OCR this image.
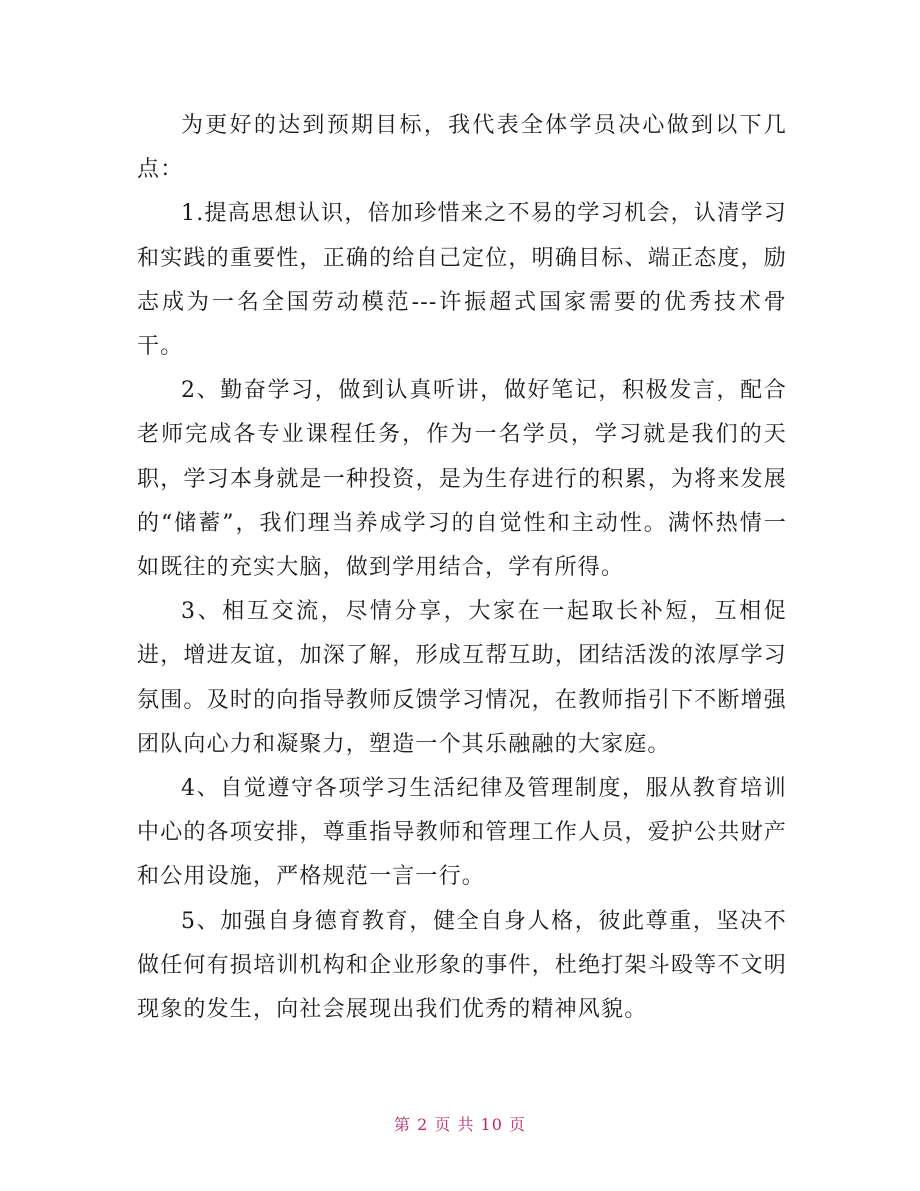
为更好的达到预期目标，我代表全体学员决心做到以下几点：

1.提高思想认识，倍加珍惜来之不易的学习机会，认清学习和实践的重要性，正确的给自己定位，明确目标、端正态度，励志成为一名全国劳动模范---许振超式国家需要的优秀技术骨干。

2、勤奋学习，做到认真听讲，做好笔记，积极发言，配合老师完成各专业课程任务，作为一名学员，学习就是我们的天职，学习本身就是一种投资，是为生存进行的积累，为将来发展的“储蓄”，我们理当养成学习的自觉性和主动性。满怀热情一如既往的充实大脑，做到学用结合，学有所得。

3、相互交流，尽情分享，大家在一起取长补短，互相促进，增进友谊，加深了解，形成互帮互助，团结活泼的浓厚学习氛围。及时的向指导教师反馈学习情况，在教师指引下不断增强团队向心力和凝聚力，塑造一个其乐融融的大家庭。

4、自觉遵守各项学习生活纪律及管理制度，服从教育培训中心的各项安排，尊重指导教师和管理工作人员，爱护公共财产和公用设施，严格规范一言一行。

5、加强自身德育教育，健全自身人格，彼此尊重，坚决不做任何有损培训机构和企业形象的事件，杜绝打架斗殴等不文明现象的发生，向社会展现出我们优秀的精神风貌。

第 2 页 共 10 页
